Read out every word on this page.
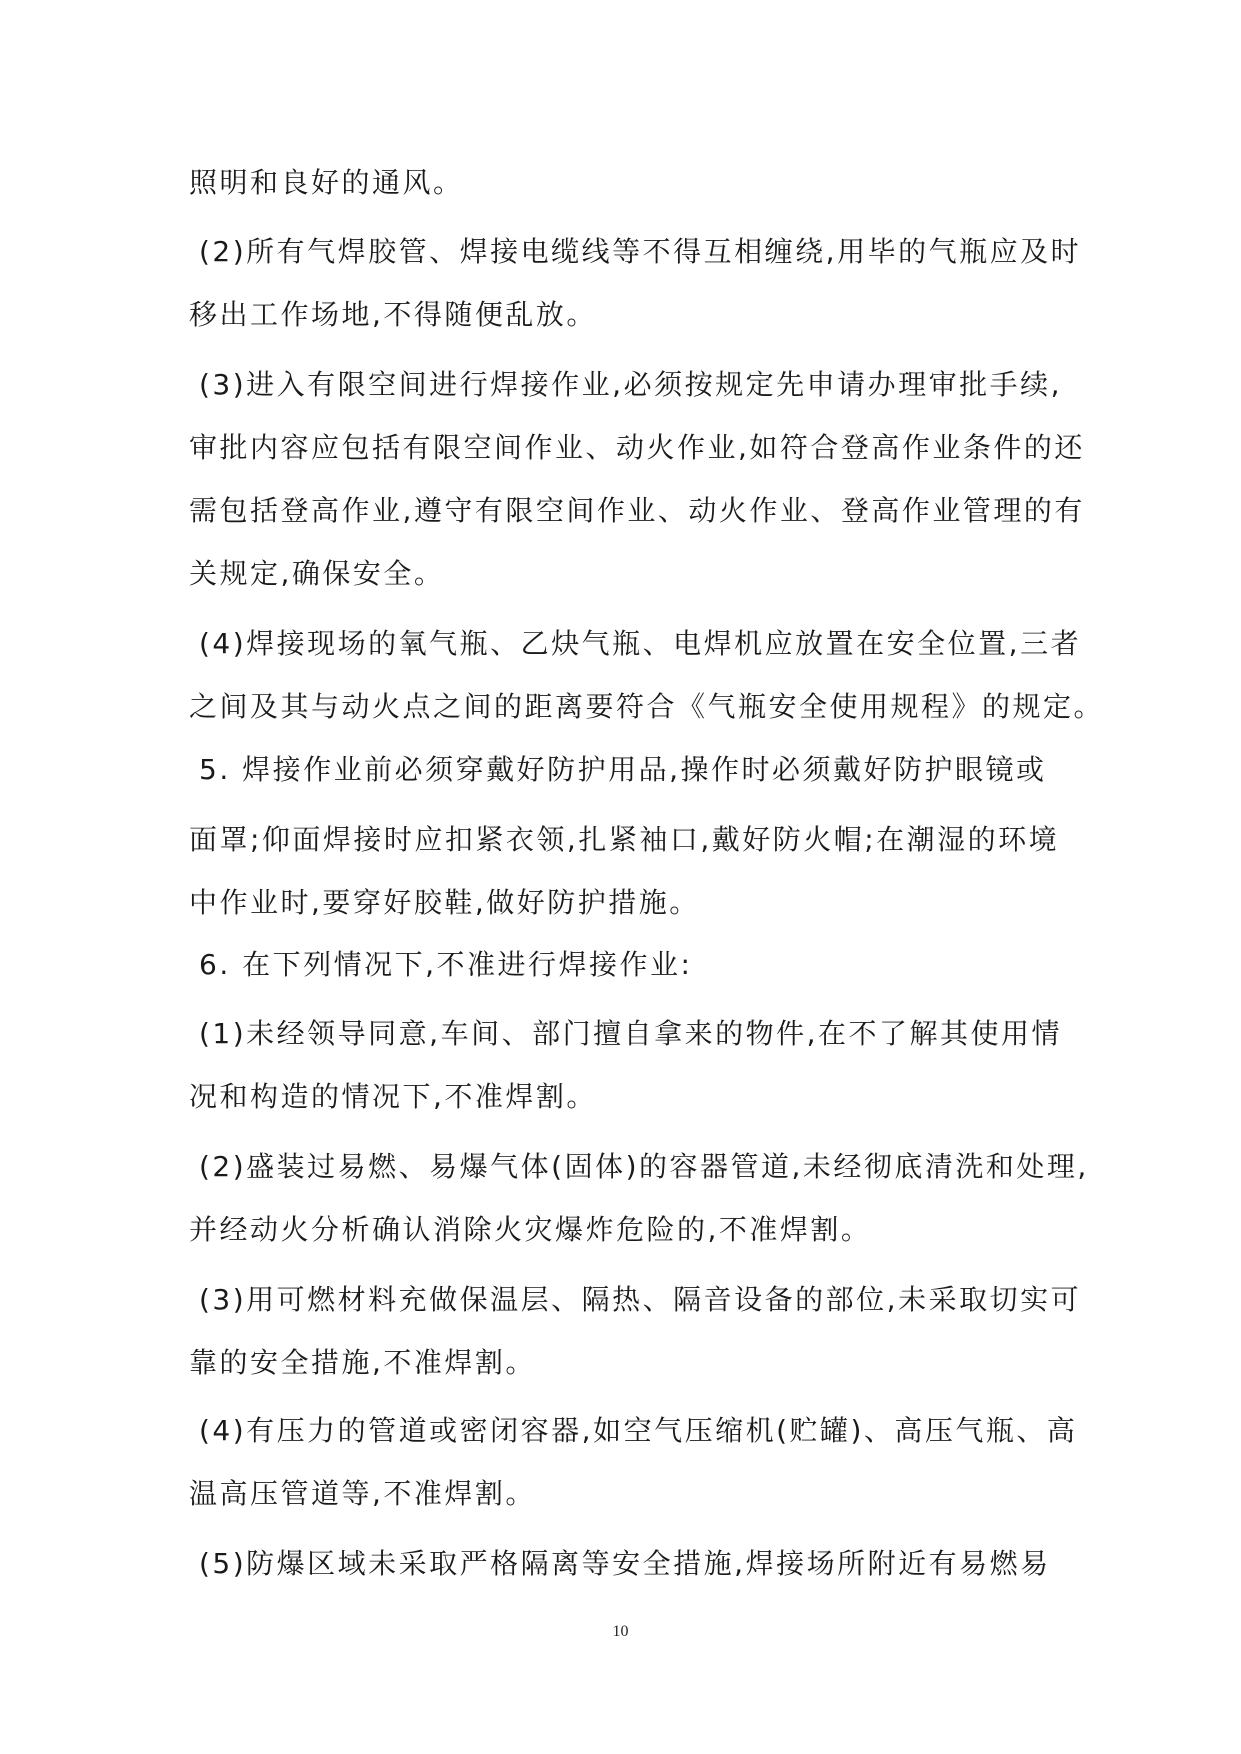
照明和良好的通风。
(2)所有气焊胶管、焊接电缆线等不得互相缠绕,用毕的气瓶应及时
移出工作场地,不得随便乱放。
(3)进入有限空间进行焊接作业,必须按规定先申请办理审批手续,
审批内容应包括有限空间作业、动火作业,如符合登高作业条件的还
需包括登高作业,遵守有限空间作业、动火作业、登高作业管理的有
关规定,确保安全。
(4)焊接现场的氧气瓶、乙炔气瓶、电焊机应放置在安全位置,三者
之间及其与动火点之间的距离要符合《气瓶安全使用规程》的规定。
5. 焊接作业前必须穿戴好防护用品,操作时必须戴好防护眼镜或
面罩;仰面焊接时应扣紧衣领,扎紧袖口,戴好防火帽;在潮湿的环境
中作业时,要穿好胶鞋,做好防护措施。
6. 在下列情况下,不准进行焊接作业:
(1)未经领导同意,车间、部门擅自拿来的物件,在不了解其使用情
况和构造的情况下,不准焊割。
(2)盛装过易燃、易爆气体(固体)的容器管道,未经彻底清洗和处理,
并经动火分析确认消除火灾爆炸危险的,不准焊割。
(3)用可燃材料充做保温层、隔热、隔音设备的部位,未采取切实可
靠的安全措施,不准焊割。
(4)有压力的管道或密闭容器,如空气压缩机(贮罐)、高压气瓶、高
温高压管道等,不准焊割。
(5)防爆区域未采取严格隔离等安全措施,焊接场所附近有易燃易
10
